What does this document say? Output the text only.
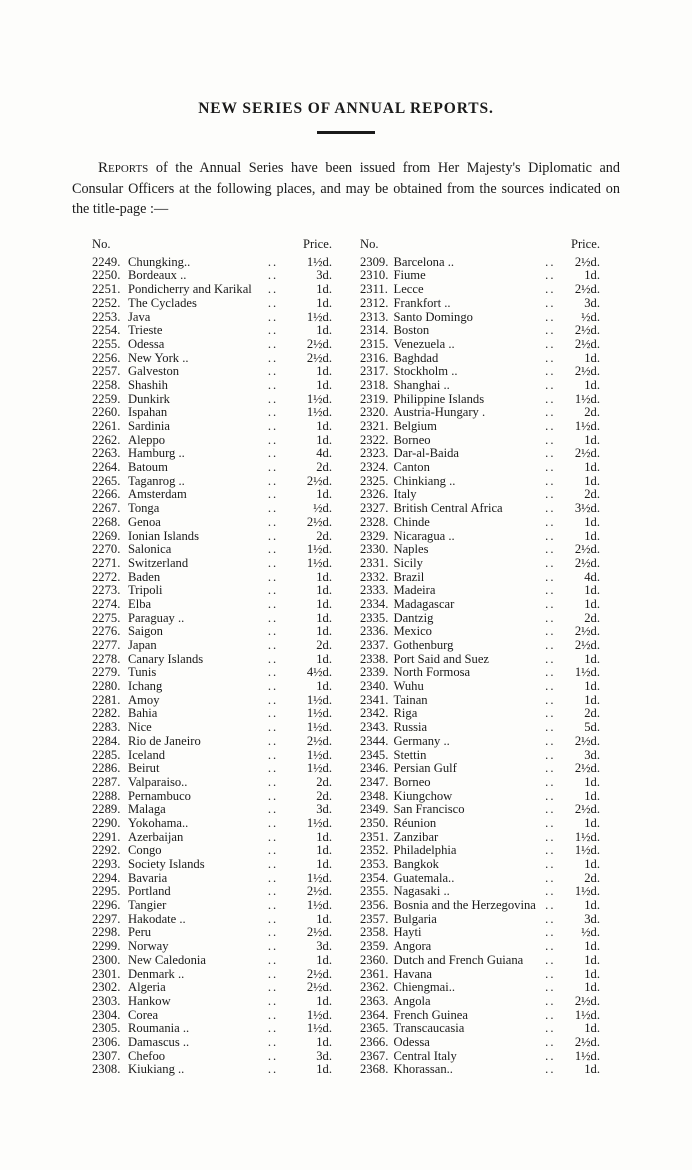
NEW SERIES OF ANNUAL REPORTS.

Reports of the Annual Series have been issued from Her Majesty's Diplomatic and Consular Officers at the following places, and may be obtained from the sources indicated on the title-page :—

No.		Price.	
2249.	Chungking..	..	1½d.
2250.	Bordeaux ..	..	3d.
2251.	Pondicherry and Karikal	..	1d.
2252.	The Cyclades	..	1d.
2253.	Java	..	1½d.
2254.	Trieste	..	1d.
2255.	Odessa	..	2½d.
2256.	New York ..	..	2½d.
2257.	Galveston	..	1d.
2258.	Shashih	..	1d.
2259.	Dunkirk	..	1½d.
2260.	Ispahan	..	1½d.
2261.	Sardinia	..	1d.
2262.	Aleppo	..	1d.
2263.	Hamburg ..	..	4d.
2264.	Batoum	..	2d.
2265.	Taganrog ..	..	2½d.
2266.	Amsterdam	..	1d.
2267.	Tonga	..	½d.
2268.	Genoa	..	2½d.
2269.	Ionian Islands	..	2d.
2270.	Salonica	..	1½d.
2271.	Switzerland	..	1½d.
2272.	Baden	..	1d.
2273.	Tripoli	..	1d.
2274.	Elba	..	1d.
2275.	Paraguay ..	..	1d.
2276.	Saigon	..	1d.
2277.	Japan	..	2d.
2278.	Canary Islands	..	1d.
2279.	Tunis	..	4½d.
2280.	Ichang	..	1d.
2281.	Amoy	..	1½d.
2282.	Bahia	..	1½d.
2283.	Nice	..	1½d.
2284.	Rio de Janeiro	..	2½d.
2285.	Iceland	..	1½d.
2286.	Beirut	..	1½d.
2287.	Valparaiso..	..	2d.
2288.	Pernambuco	..	2d.
2289.	Malaga	..	3d.
2290.	Yokohama..	..	1½d.
2291.	Azerbaijan	..	1d.
2292.	Congo	..	1d.
2293.	Society Islands	..	1d.
2294.	Bavaria	..	1½d.
2295.	Portland	..	2½d.
2296.	Tangier	..	1½d.
2297.	Hakodate ..	..	1d.
2298.	Peru	..	2½d.
2299.	Norway	..	3d.
2300.	New Caledonia	..	1d.
2301.	Denmark ..	..	2½d.
2302.	Algeria	..	2½d.
2303.	Hankow	..	1d.
2304.	Corea	..	1½d.
2305.	Roumania ..	..	1½d.
2306.	Damascus ..	..	1d.
2307.	Chefoo	..	3d.
2308.	Kiukiang ..	..	1d.
No.		Price.	
2309.	Barcelona ..	..	2½d.
2310.	Fiume	..	1d.
2311.	Lecce	..	2½d.
2312.	Frankfort ..	..	3d.
2313.	Santo Domingo	..	½d.
2314.	Boston	..	2½d.
2315.	Venezuela ..	..	2½d.
2316.	Baghdad	..	1d.
2317.	Stockholm ..	..	2½d.
2318.	Shanghai ..	..	1d.
2319.	Philippine Islands	..	1½d.
2320.	Austria-Hungary .	..	2d.
2321.	Belgium	..	1½d.
2322.	Borneo	..	1d.
2323.	Dar-al-Baida	..	2½d.
2324.	Canton	..	1d.
2325.	Chinkiang ..	..	1d.
2326.	Italy	..	2d.
2327.	British Central Africa	..	3½d.
2328.	Chinde	..	1d.
2329.	Nicaragua ..	..	1d.
2330.	Naples	..	2½d.
2331.	Sicily	..	2½d.
2332.	Brazil	..	4d.
2333.	Madeira	..	1d.
2334.	Madagascar	..	1d.
2335.	Dantzig	..	2d.
2336.	Mexico	..	2½d.
2337.	Gothenburg	..	2½d.
2338.	Port Said and Suez	..	1d.
2339.	North Formosa	..	1½d.
2340.	Wuhu	..	1d.
2341.	Tainan	..	1d.
2342.	Riga	..	2d.
2343.	Russia	..	5d.
2344.	Germany ..	..	2½d.
2345.	Stettin	..	3d.
2346.	Persian Gulf	..	2½d.
2347.	Borneo	..	1d.
2348.	Kiungchow	..	1d.
2349.	San Francisco	..	2½d.
2350.	Réunion	..	1d.
2351.	Zanzibar	..	1½d.
2352.	Philadelphia	..	1½d.
2353.	Bangkok	..	1d.
2354.	Guatemala..	..	2d.
2355.	Nagasaki ..	..	1½d.
2356.	Bosnia and the Herzegovina	..	1d.
2357.	Bulgaria	..	3d.
2358.	Hayti	..	½d.
2359.	Angora	..	1d.
2360.	Dutch and French Guiana	..	1d.
2361.	Havana	..	1d.
2362.	Chiengmai..	..	1d.
2363.	Angola	..	2½d.
2364.	French Guinea	..	1½d.
2365.	Transcaucasia	..	1d.
2366.	Odessa	..	2½d.
2367.	Central Italy	..	1½d.
2368.	Khorassan..	..	1d.
